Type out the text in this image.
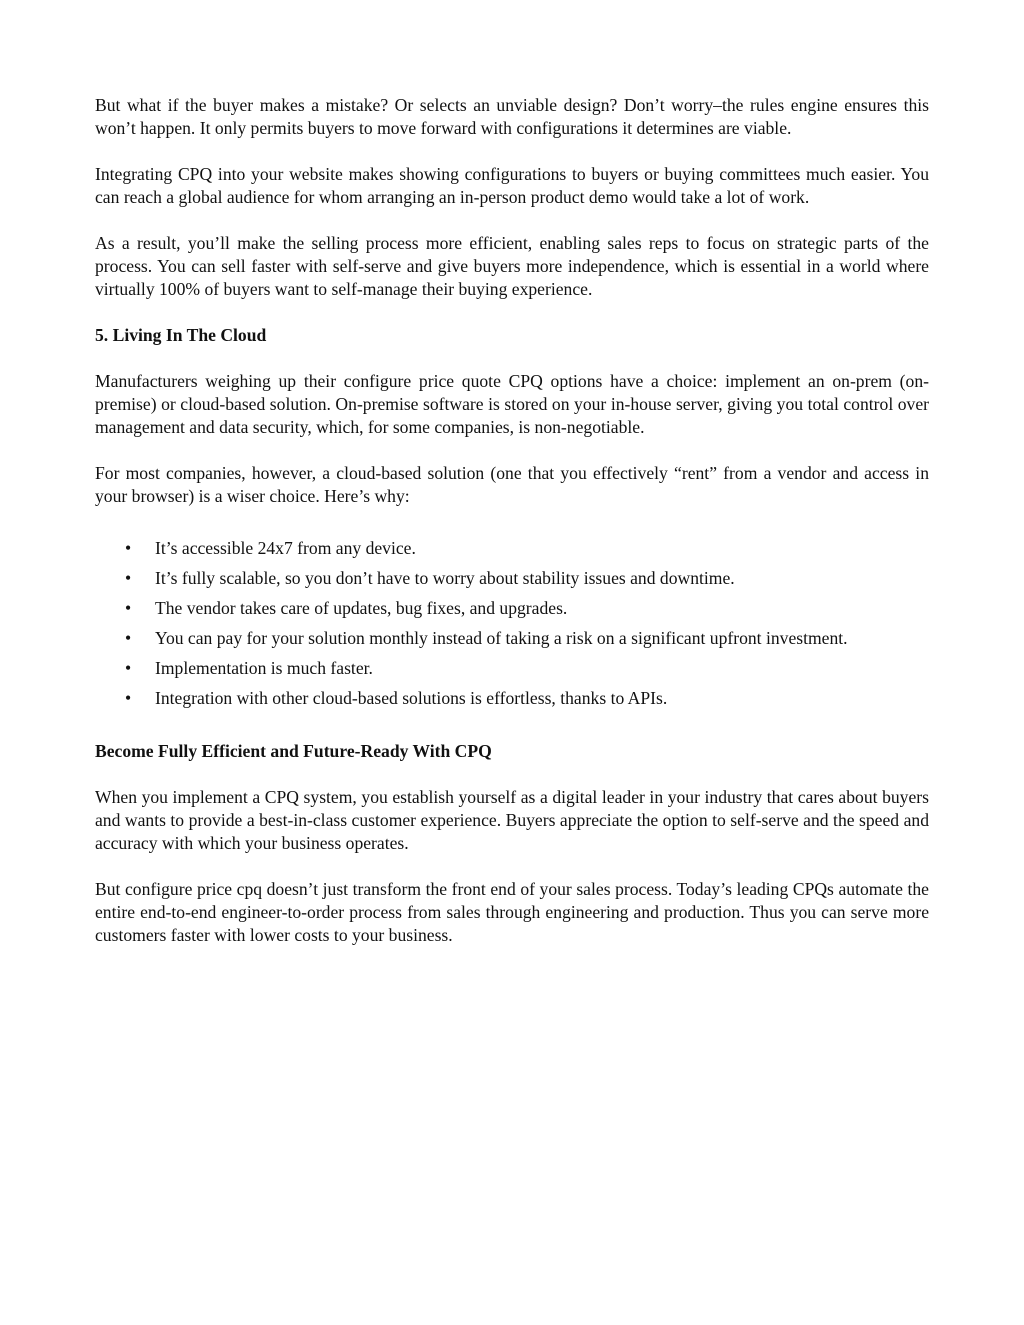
But what if the buyer makes a mistake? Or selects an unviable design? Don’t worry–the rules engine ensures this won’t happen. It only permits buyers to move forward with configurations it determines are viable.

Integrating CPQ into your website makes showing configurations to buyers or buying committees much easier. You can reach a global audience for whom arranging an in-person product demo would take a lot of work.

As a result, you’ll make the selling process more efficient, enabling sales reps to focus on strategic parts of the process. You can sell faster with self-serve and give buyers more independence, which is essential in a world where virtually 100% of buyers want to self-manage their buying experience.

5. Living In The Cloud

Manufacturers weighing up their configure price quote CPQ options have a choice: implement an on-prem (on-premise) or cloud-based solution. On-premise software is stored on your in-house server, giving you total control over management and data security, which, for some companies, is non-negotiable.

For most companies, however, a cloud-based solution (one that you effectively “rent” from a vendor and access in your browser) is a wiser choice. Here’s why:

• It’s accessible 24x7 from any device.
• It’s fully scalable, so you don’t have to worry about stability issues and downtime.
• The vendor takes care of updates, bug fixes, and upgrades.
• You can pay for your solution monthly instead of taking a risk on a significant upfront investment.
• Implementation is much faster.
• Integration with other cloud-based solutions is effortless, thanks to APIs.

Become Fully Efficient and Future-Ready With CPQ

When you implement a CPQ system, you establish yourself as a digital leader in your industry that cares about buyers and wants to provide a best-in-class customer experience. Buyers appreciate the option to self-serve and the speed and accuracy with which your business operates.

But configure price cpq doesn’t just transform the front end of your sales process. Today’s leading CPQs automate the entire end-to-end engineer-to-order process from sales through engineering and production. Thus you can serve more customers faster with lower costs to your business.
